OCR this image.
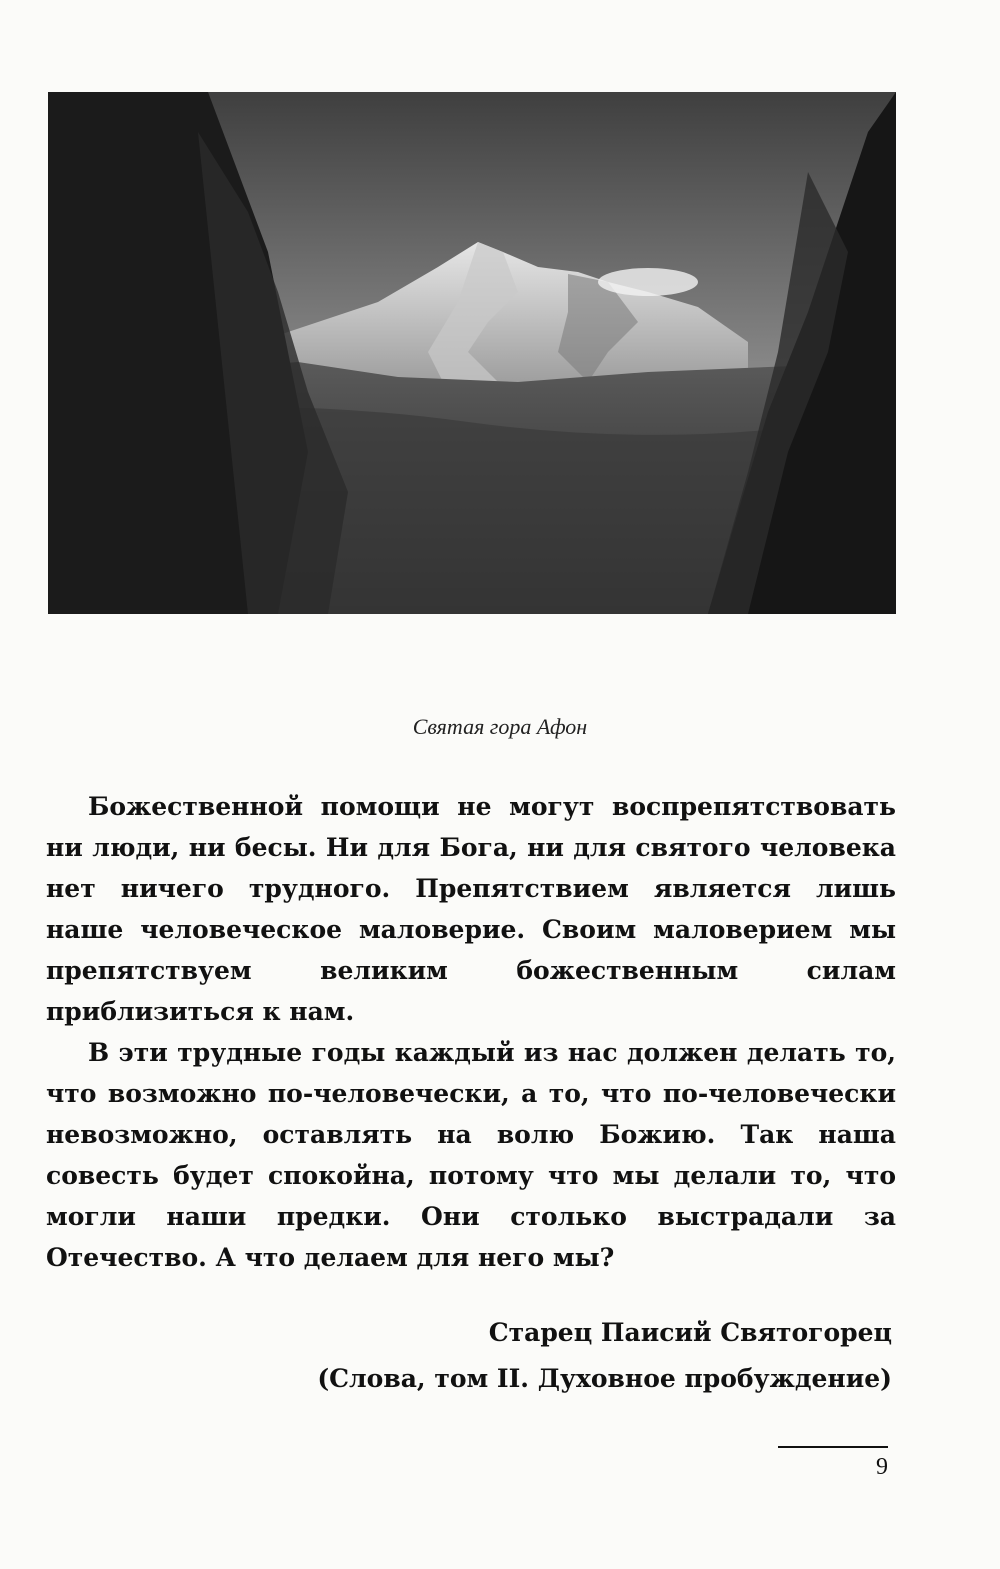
Святая гора Афон

Божественной помощи не могут воспрепятствовать ни люди, ни бесы. Ни для Бога, ни для святого человека нет ничего трудного. Препятствием является лишь наше человеческое маловерие. Своим маловерием мы препятствуем великим божественным силам приблизиться к нам.

В эти трудные годы каждый из нас должен делать то, что возможно по-человечески, а то, что по-человечески невозможно, оставлять на волю Божию. Так наша совесть будет спокойна, потому что мы делали то, что могли наши предки. Они столько выстрадали за Отечество. А что делаем для него мы?

Старец Паисий Святогорец
(Слова, том II. Духовное пробуждение)
9
